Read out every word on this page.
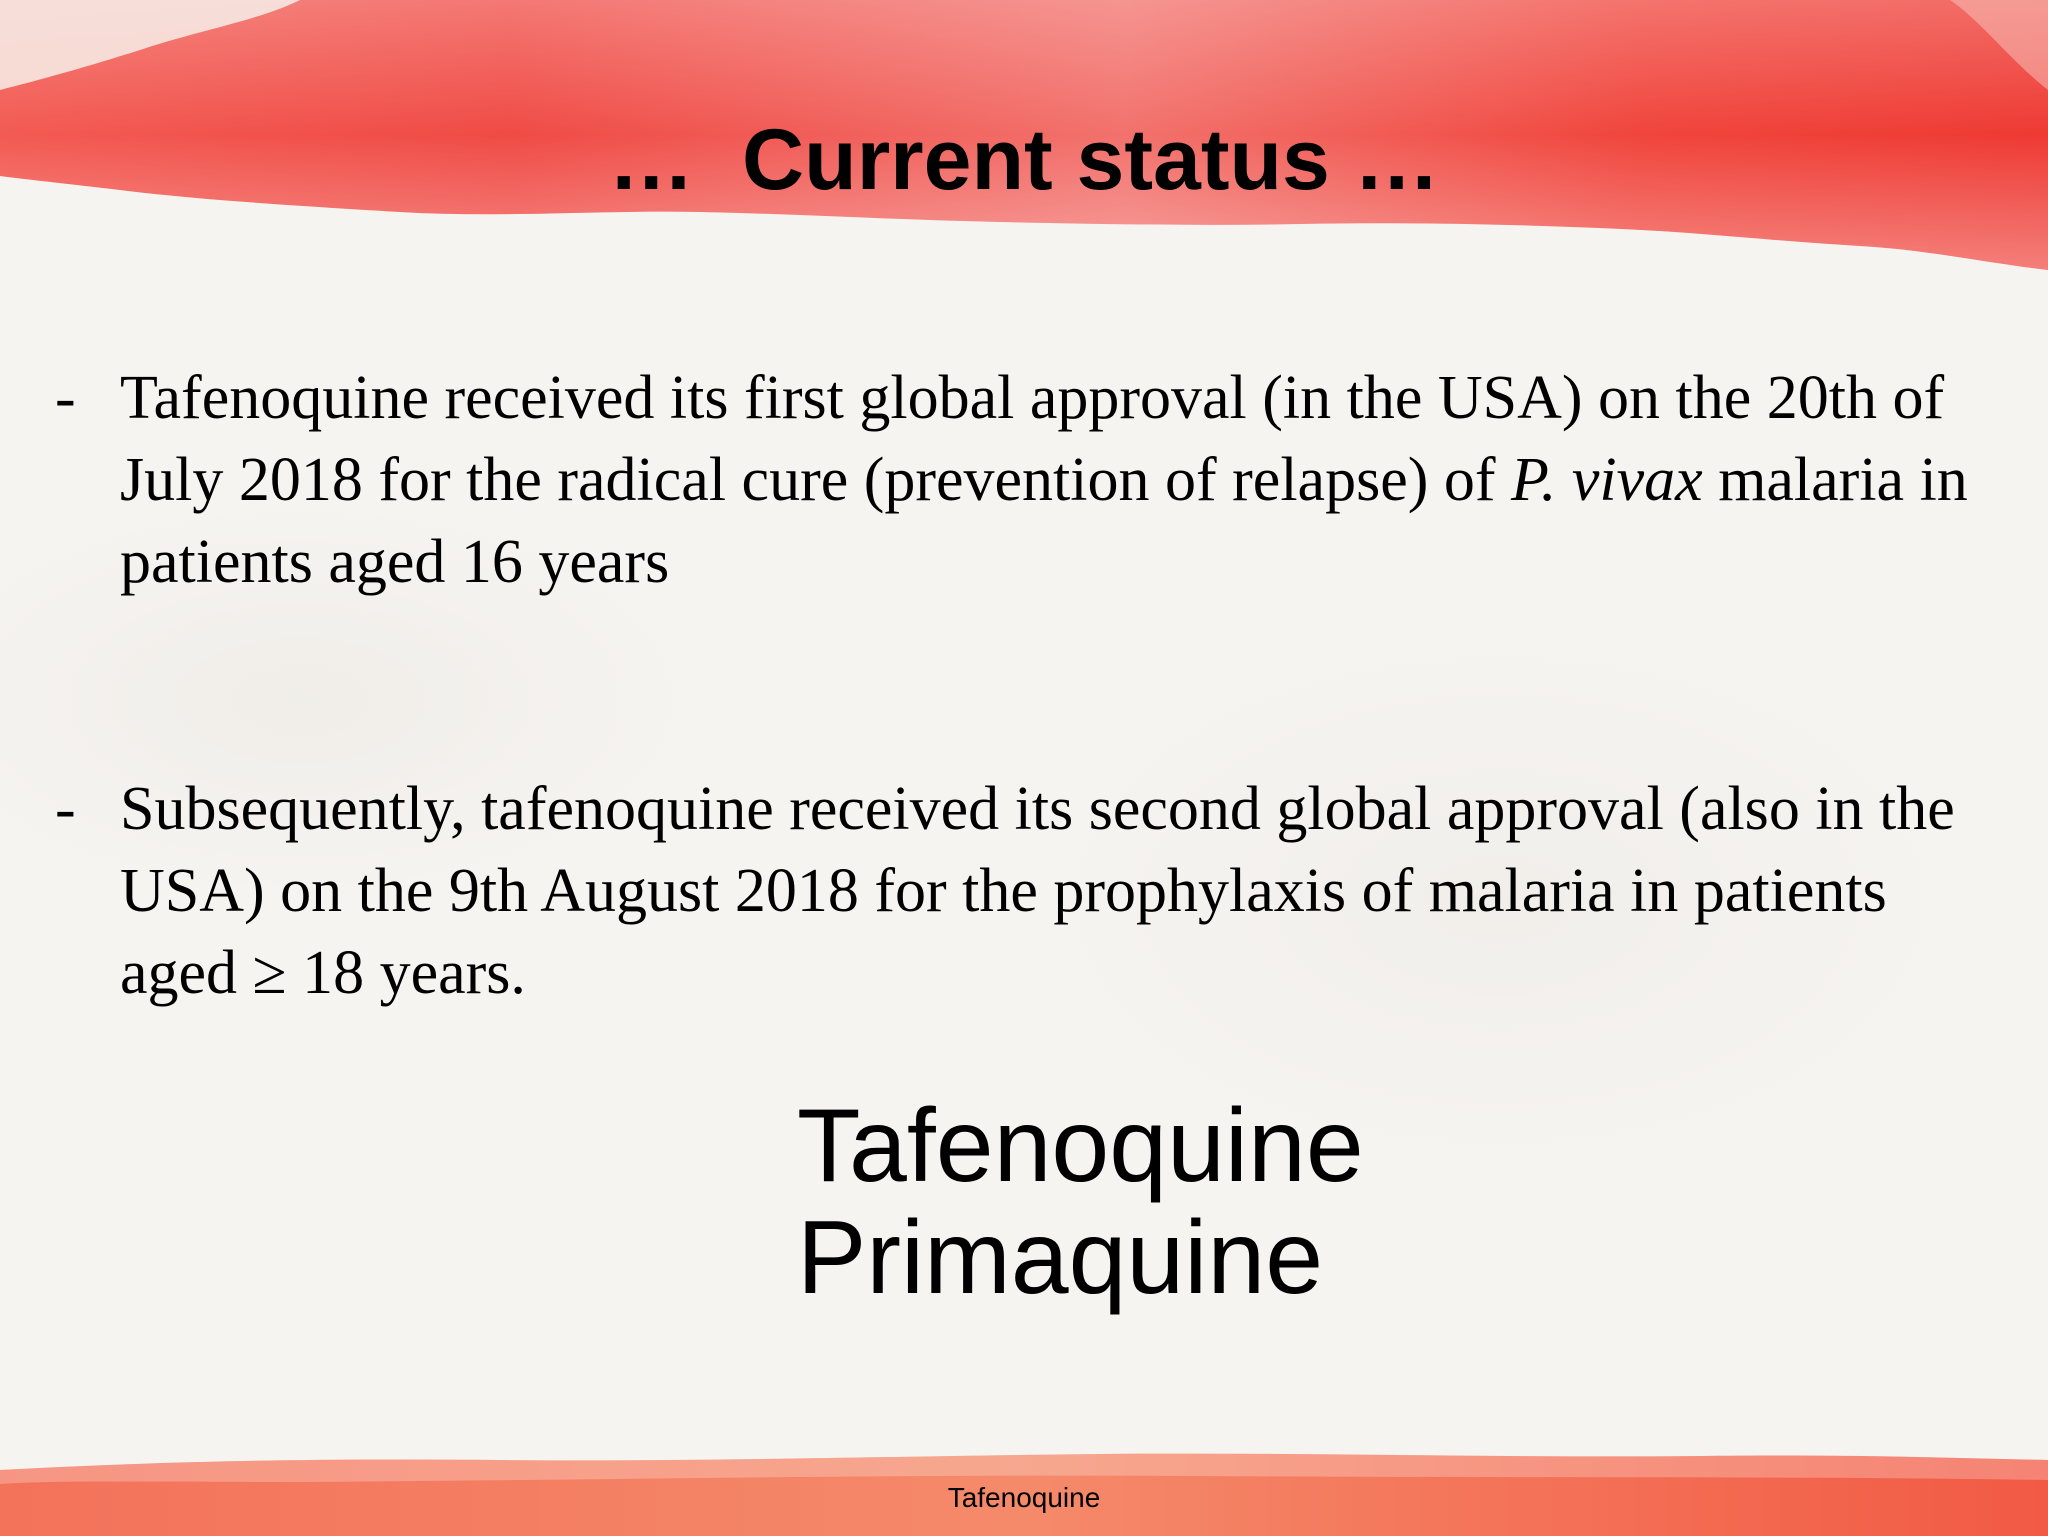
…  Current status …
- Tafenoquine received its first global approval (in the USA) on the 20th of July 2018 for the radical cure (prevention of relapse) of P. vivax malaria in patients aged 16 years
- Subsequently, tafenoquine received its second global approval (also in the USA) on the 9th August 2018 for the prophylaxis of malaria in patients aged ≥ 18 years.
Tafenoquine
Primaquine
Tafenoquine
